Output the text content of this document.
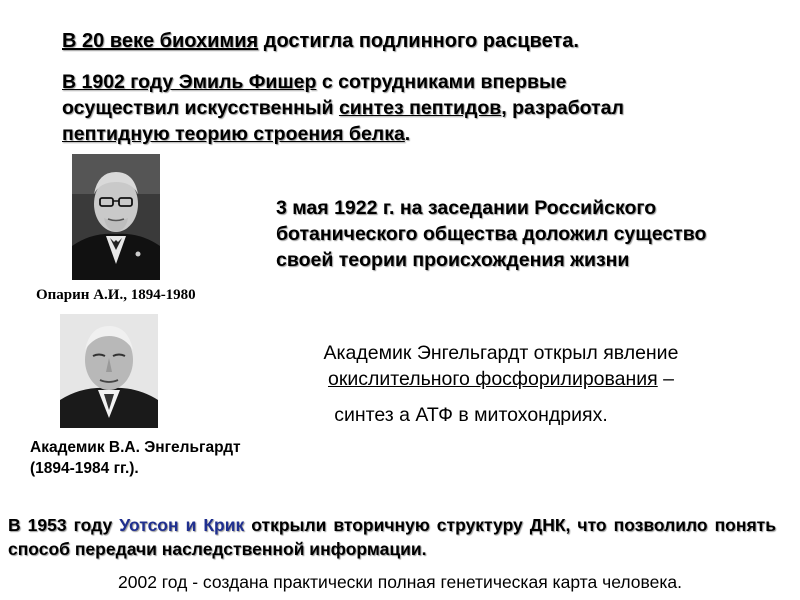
В 20 веке биохимия достигла подлинного расцвета.
В 1902 году Эмиль Фишер с сотрудниками впервые осуществил искусственный синтез пептидов, разработал пептидную теорию строения белка.
Опарин А.И., 1894-1980
3 мая 1922 г. на заседании Российского ботанического общества доложил существо своей теории происхождения жизни
Академик Энгельгардт открыл явление окислительного фосфорилирования –
синтез а АТФ в митохондриях.
Академик В.А. Энгельгардт
(1894-1984 гг.).
В 1953 году Уотсон и Крик открыли вторичную структуру ДНК, что позволило понять способ передачи наследственной информации.
2002 год - создана практически полная генетическая карта человека.
